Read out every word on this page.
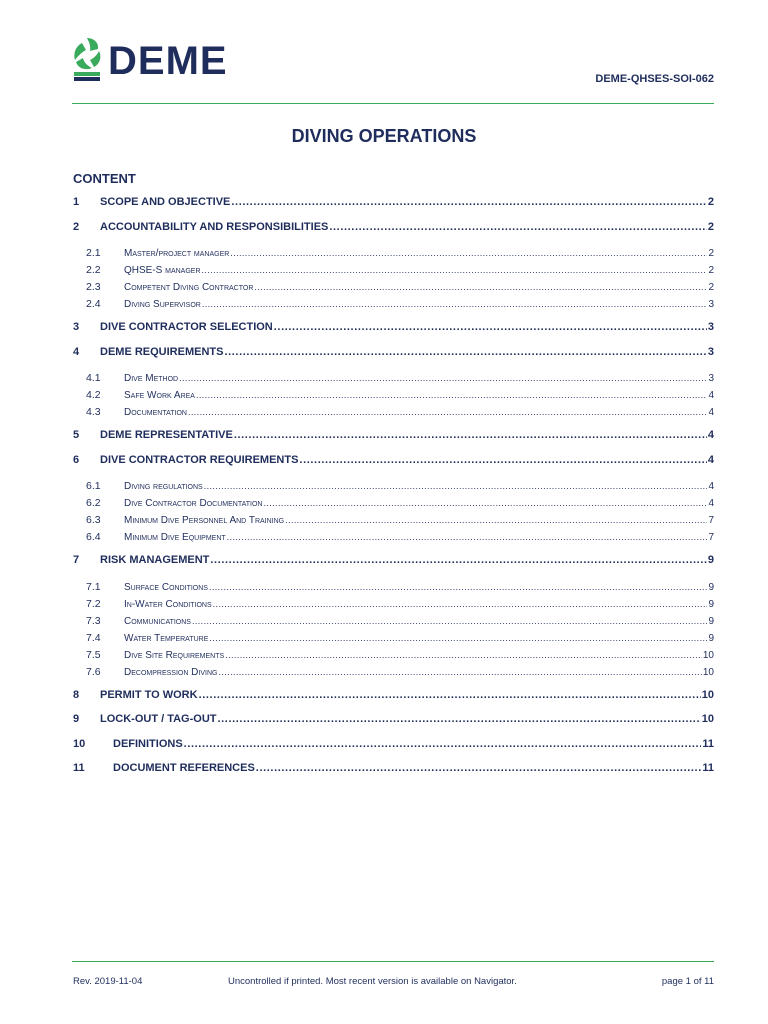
DEME	DEME-QHSES-SOI-062
DIVING OPERATIONS
CONTENT
1	SCOPE AND OBJECTIVE .....	2
2	ACCOUNTABILITY AND RESPONSIBILITIES .....	2
2.1	Master/project manager .....	2
2.2	QHSE-S manager .....	2
2.3	Competent Diving Contractor .....	2
2.4	Diving Supervisor .....	3
3	DIVE CONTRACTOR SELECTION .....	3
4	DEME REQUIREMENTS .....	3
4.1	Dive Method .....	3
4.2	Safe Work Area .....	4
4.3	Documentation .....	4
5	DEME REPRESENTATIVE .....	4
6	DIVE CONTRACTOR REQUIREMENTS .....	4
6.1	Diving regulations .....	4
6.2	Dive Contractor Documentation .....	4
6.3	Minimum Dive Personnel And Training .....	7
6.4	Minimum Dive Equipment .....	7
7	RISK MANAGEMENT .....	9
7.1	Surface Conditions .....	9
7.2	In-Water Conditions .....	9
7.3	Communications .....	9
7.4	Water Temperature .....	9
7.5	Dive Site Requirements .....	10
7.6	Decompression Diving .....	10
8	PERMIT TO WORK .....	10
9	LOCK-OUT / TAG-OUT .....	10
10	DEFINITIONS .....	11
11	DOCUMENT REFERENCES .....	11
Rev. 2019-11-04	Uncontrolled if printed. Most recent version is available on Navigator.	page 1 of 11
